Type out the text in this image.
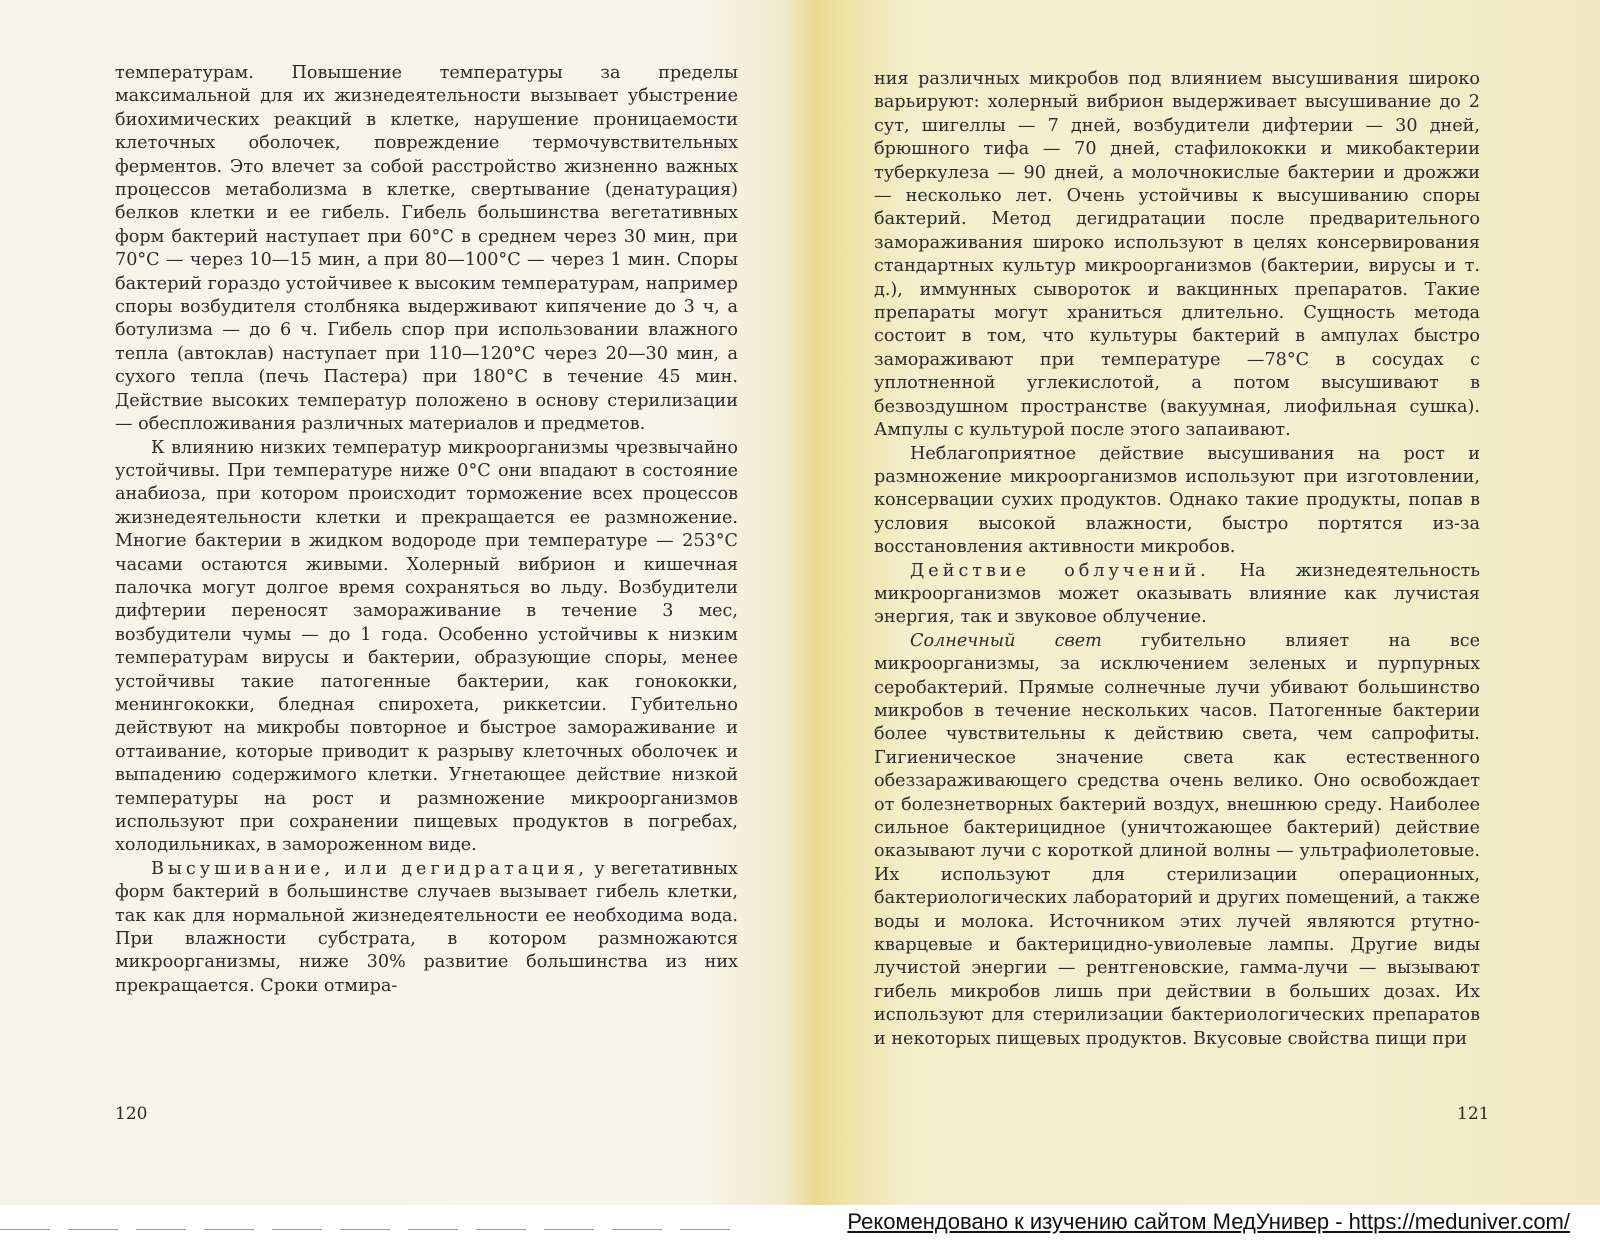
температурам. Повышение температуры за пределы максимальной для их жизнедеятельности вызывает убыстрение биохимических реакций в клетке, нарушение проницаемости клеточных оболочек, повреждение термочувствительных ферментов. Это влечет за собой расстройство жизненно важных процессов метаболизма в клетке, свертывание (денатурация) белков клетки и ее гибель. Гибель большинства вегетативных форм бактерий наступает при 60°С в среднем через 30 мин, при 70°С — через 10—15 мин, а при 80—100°С — через 1 мин. Споры бактерий гораздо устойчивее к высоким температурам, например споры возбудителя столбняка выдерживают кипячение до 3 ч, а ботулизма — до 6 ч. Гибель спор при использовании влажного тепла (автоклав) наступает при 110—120°С через 20—30 мин, а сухого тепла (печь Пастера) при 180°С в течение 45 мин. Действие высоких температур положено в основу стерилизации — обеспложивания различных материалов и предметов.

К влиянию низких температур микроорганизмы чрезвычайно устойчивы. При температуре ниже 0°С они впадают в состояние анабиоза, при котором происходит торможение всех процессов жизнедеятельности клетки и прекращается ее размножение. Многие бактерии в жидком водороде при температуре — 253°С часами остаются живыми. Холерный вибрион и кишечная палочка могут долгое время сохраняться во льду. Возбудители дифтерии переносят замораживание в течение 3 мес, возбудители чумы — до 1 года. Особенно устойчивы к низким температурам вирусы и бактерии, образующие споры, менее устойчивы такие патогенные бактерии, как гонококки, менингококки, бледная спирохета, риккетсии. Губительно действуют на микробы повторное и быстрое замораживание и оттаивание, которые приводит к разрыву клеточных оболочек и выпадению содержимого клетки. Угнетающее действие низкой температуры на рост и размножение микроорганизмов используют при сохранении пищевых продуктов в погребах, холодильниках, в замороженном виде.

Высушивание, или дегидратация, у вегетативных форм бактерий в большинстве случаев вызывает гибель клетки, так как для нормальной жизнедеятельности ее необходима вода. При влажности субстрата, в котором размножаются микроорганизмы, ниже 30% развитие большинства из них прекращается. Сроки отмира-

120

ния различных микробов под влиянием высушивания широко варьируют: холерный вибрион выдерживает высушивание до 2 сут, шигеллы — 7 дней, возбудители дифтерии — 30 дней, брюшного тифа — 70 дней, стафилококки и микобактерии туберкулеза — 90 дней, а молочнокислые бактерии и дрожжи — несколько лет. Очень устойчивы к высушиванию споры бактерий. Метод дегидратации после предварительного замораживания широко используют в целях консервирования стандартных культур микроорганизмов (бактерии, вирусы и т. д.), иммунных сывороток и вакцинных препаратов. Такие препараты могут храниться длительно. Сущность метода состоит в том, что культуры бактерий в ампулах быстро замораживают при температуре —78°С в сосудах с уплотненной углекислотой, а потом высушивают в безвоздушном пространстве (вакуумная, лиофильная сушка). Ампулы с культурой после этого запаивают.

Неблагоприятное действие высушивания на рост и размножение микроорганизмов используют при изготовлении, консервации сухих продуктов. Однако такие продукты, попав в условия высокой влажности, быстро портятся из-за восстановления активности микробов.

Действие облучений. На жизнедеятельность микроорганизмов может оказывать влияние как лучистая энергия, так и звуковое облучение.

Солнечный свет губительно влияет на все микроорганизмы, за исключением зеленых и пурпурных серобактерий. Прямые солнечные лучи убивают большинство микробов в течение нескольких часов. Патогенные бактерии более чувствительны к действию света, чем сапрофиты. Гигиеническое значение света как естественного обеззараживающего средства очень велико. Оно освобождает от болезнетворных бактерий воздух, внешнюю среду. Наиболее сильное бактерицидное (уничтожающее бактерий) действие оказывают лучи с короткой длиной волны — ультрафиолетовые. Их используют для стерилизации операционных, бактериологических лабораторий и других помещений, а также воды и молока. Источником этих лучей являются ртутно-кварцевые и бактерицидно-увиолевые лампы. Другие виды лучистой энергии — рентгеновские, гамма-лучи — вызывают гибель микробов лишь при действии в больших дозах. Их используют для стерилизации бактериологических препаратов и некоторых пищевых продуктов. Вкусовые свойства пищи при

121
Рекомендовано к изучению сайтом МедУнивер - https://meduniver.com/
